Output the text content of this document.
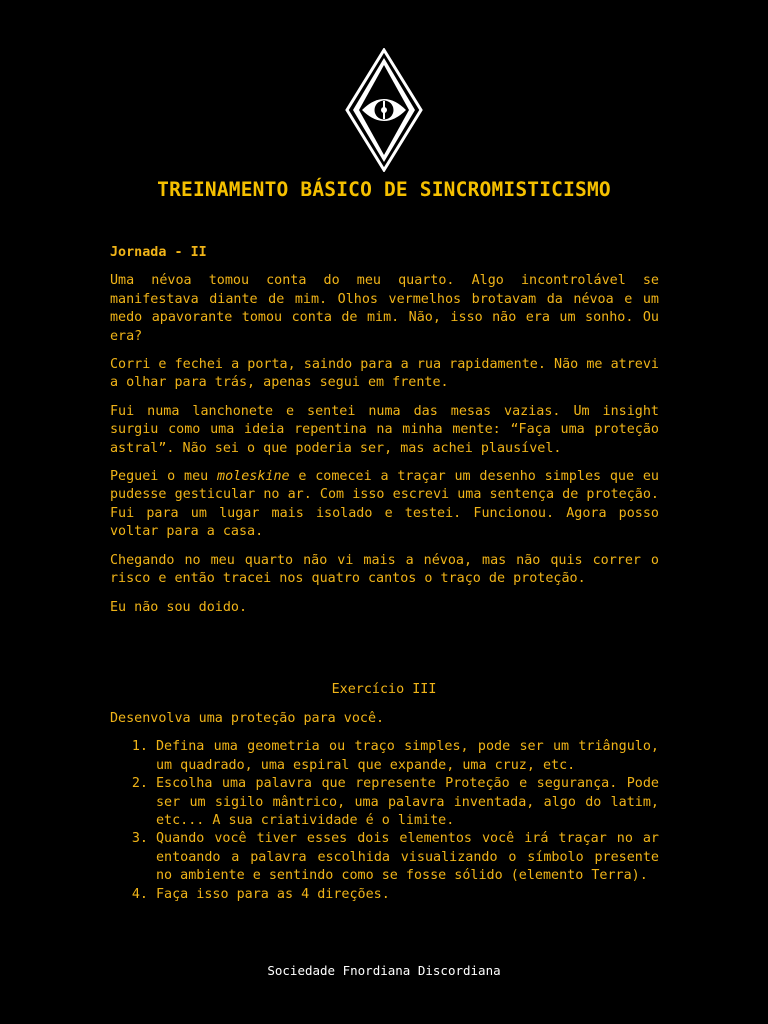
TREINAMENTO BÁSICO DE SINCROMISTICISMO
Jornada - II

Uma névoa tomou conta do meu quarto. Algo incontrolável se manifestava diante de mim. Olhos vermelhos brotavam da névoa e um medo apavorante tomou conta de mim. Não, isso não era um sonho. Ou era?

Corri e fechei a porta, saindo para a rua rapidamente. Não me atrevi a olhar para trás, apenas segui em frente.

Fui numa lanchonete e sentei numa das mesas vazias. Um insight surgiu como uma ideia repentina na minha mente: “Faça uma proteção astral”. Não sei o que poderia ser, mas achei plausível.

Peguei o meu moleskine e comecei a traçar um desenho simples que eu pudesse gesticular no ar. Com isso escrevi uma sentença de proteção. Fui para um lugar mais isolado e testei. Funcionou. Agora posso voltar para a casa.

Chegando no meu quarto não vi mais a névoa, mas não quis correr o risco e então tracei nos quatro cantos o traço de proteção.

Eu não sou doido.

Exercício III

Desenvolva uma proteção para você.

1. Defina uma geometria ou traço simples, pode ser um triângulo, um quadrado, uma espiral que expande, uma cruz, etc.
2. Escolha uma palavra que represente Proteção e segurança. Pode ser um sigilo mântrico, uma palavra inventada, algo do latim, etc... A sua criatividade é o limite.
3. Quando você tiver esses dois elementos você irá traçar no ar entoando a palavra escolhida visualizando o símbolo presente no ambiente e sentindo como se fosse sólido (elemento Terra).
4. Faça isso para as 4 direções.
Sociedade Fnordiana Discordiana
